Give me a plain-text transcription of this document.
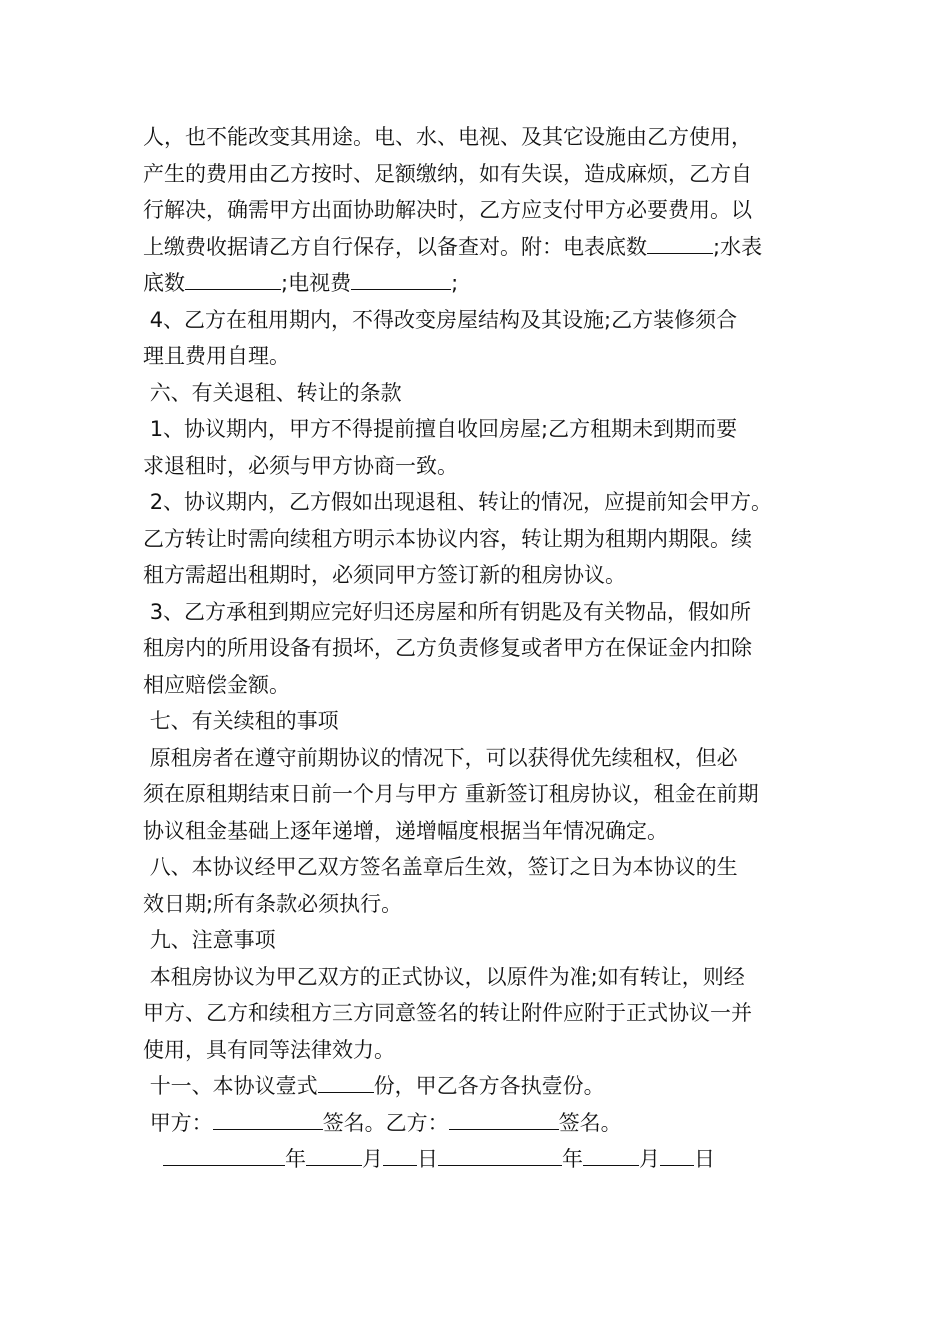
人，也不能改变其用途。电、水、电视、及其它设施由乙方使用，

产生的费用由乙方按时、足额缴纳，如有失误，造成麻烦，乙方自

行解决，确需甲方出面协助解决时，乙方应支付甲方必要费用。以

上缴费收据请乙方自行保存，以备查对。附：电表底数	;水表

底数	;电视费	;

4、乙方在租用期内，不得改变房屋结构及其设施;乙方装修须合

理且费用自理。

六、有关退租、转让的条款

1、协议期内，甲方不得提前擅自收回房屋;乙方租期未到期而要

求退租时，必须与甲方协商一致。

2、协议期内，乙方假如出现退租、转让的情况，应提前知会甲方。

乙方转让时需向续租方明示本协议内容，转让期为租期内期限。续

租方需超出租期时，必须同甲方签订新的租房协议。

3、乙方承租到期应完好归还房屋和所有钥匙及有关物品，假如所

租房内的所用设备有损坏，乙方负责修复或者甲方在保证金内扣除

相应赔偿金额。

七、有关续租的事项

原租房者在遵守前期协议的情况下，可以获得优先续租权，但必

须在原租期结束日前一个月与甲方 重新签订租房协议，租金在前期

协议租金基础上逐年递增，递增幅度根据当年情况确定。

八、本协议经甲乙双方签名盖章后生效，签订之日为本协议的生

效日期;所有条款必须执行。

九、注意事项

本租房协议为甲乙双方的正式协议，以原件为准;如有转让，则经

甲方、乙方和续租方三方同意签名的转让附件应附于正式协议一并

使用，具有同等法律效力。

十一、本协议壹式	份，甲乙各方各执壹份。

甲方：	签名。乙方：	签名。

年	月 日	年	月 日
